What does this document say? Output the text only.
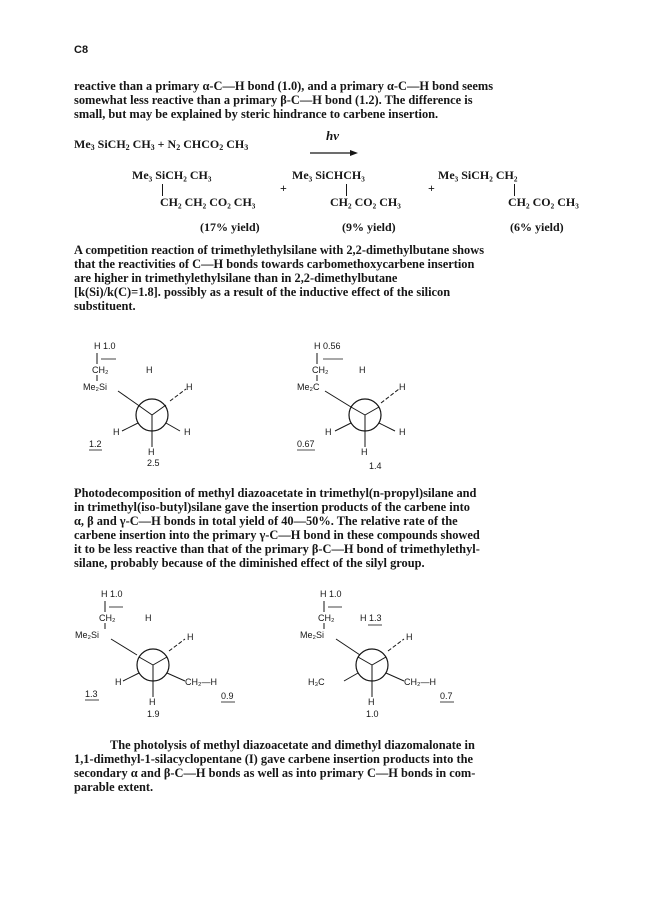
C8
reactive than a primary α-C—H bond (1.0), and a primary α-C—H bond seems
somewhat less reactive than a primary β-C—H bond (1.2). The difference is
small, but may be explained by steric hindrance to carbene insertion.
Me3 SiCH2 CH3 + N2 CHCO2 CH3
hν
Me₃ SiCH₂ CH₃
CH₂ CH₂ CO₂ CH₃
+
Me₃ SiCHCH₃
CH₂ CO₂ CH₃
+
Me₃ SiCH₂ CH₂
CH₂ CO₂ CH₃
(17% yield)	(9% yield)	(6% yield)
A competition reaction of trimethylethylsilane with 2,2-dimethylbutane shows
that the reactivities of C—H bonds towards carbomethoxycarbene insertion
are higher in trimethylethylsilane than in 2,2-dimethylbutane
[k(Si)/k(C)=1.8]. possibly as a result of the inductive effect of the silicon
substituent.
H 1.0
CH₂	H
Me₂Si	H
H	H
1.2
H
2.5
H 0.56
CH₂	H
Me₂C	H
H	H
0.67
H
1.4
Photodecomposition of methyl diazoacetate in trimethyl(n-propyl)silane and
in trimethyl(iso-butyl)silane gave the insertion products of the carbene into
α, β and γ-C—H bonds in total yield of 40—50%. The relative rate of the
carbene insertion into the primary γ-C—H bond in these compounds showed
it to be less reactive than that of the primary β-C—H bond of trimethylethyl-
silane, probably because of the diminished effect of the silyl group.
H 1.0
CH₂	H
Me₂Si	H
H	CH₂—H
0.9
1.3
H
1.9
H 1.0
CH₂	H 1.3
Me₂Si	H
H₃C	CH₂—H
0.7
H
1.0
The photolysis of methyl diazoacetate and dimethyl diazomalonate in
1,1-dimethyl-1-silacyclopentane (I) gave carbene insertion products into the
secondary α and β-C—H bonds as well as into primary C—H bonds in com-
parable extent.
